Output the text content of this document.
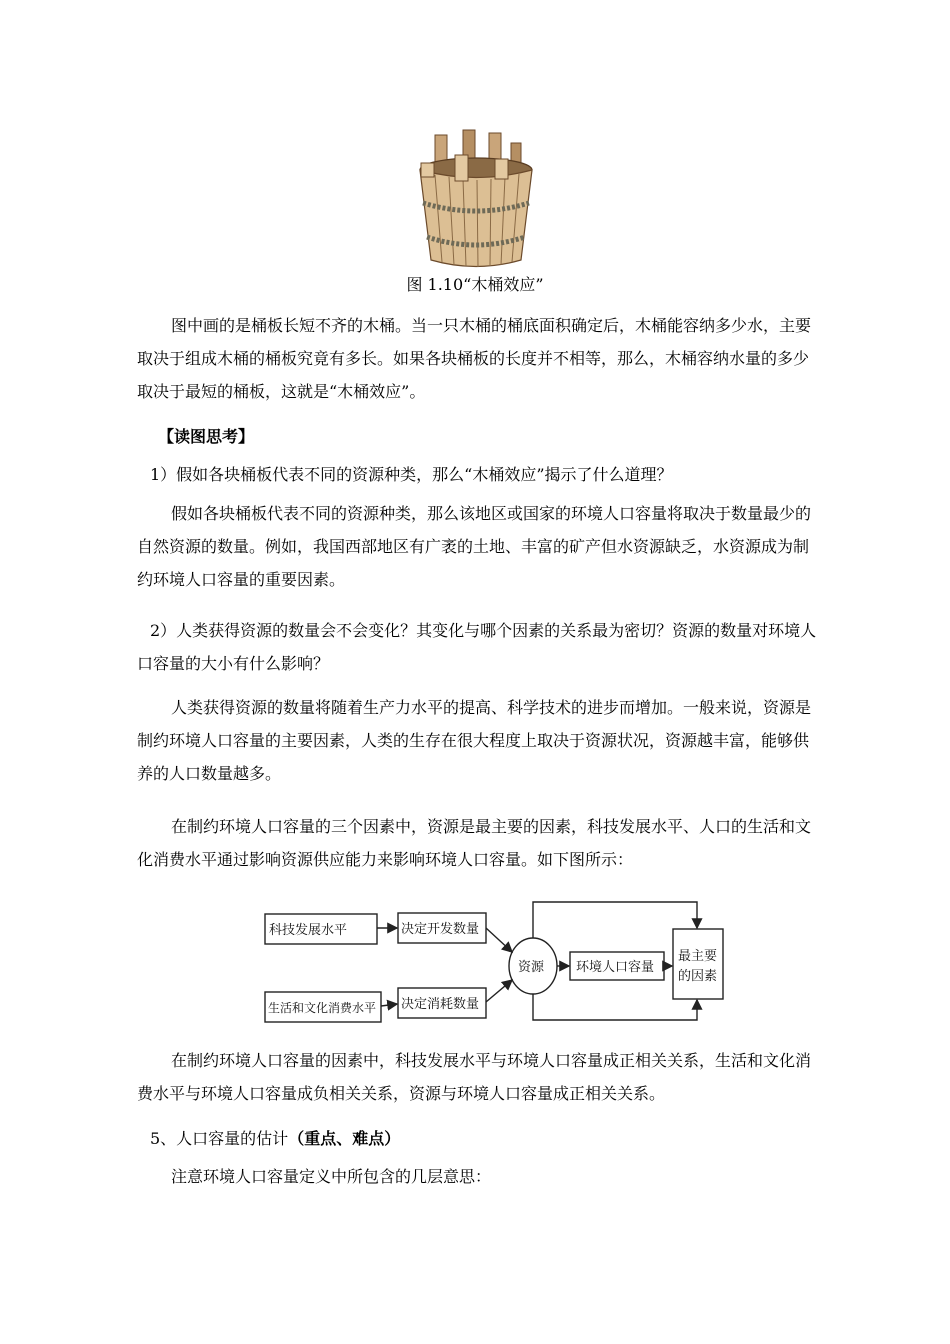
图 1.10“木桶效应”

图中画的是桶板长短不齐的木桶。当一只木桶的桶底面积确定后，木桶能容纳多少水，主要取决于组成木桶的桶板究竟有多长。如果各块桶板的长度并不相等，那么，木桶容纳水量的多少取决于最短的桶板，这就是“木桶效应”。

【读图思考】
1）假如各块桶板代表不同的资源种类，那么“木桶效应”揭示了什么道理？

假如各块桶板代表不同的资源种类，那么该地区或国家的环境人口容量将取决于数量最少的自然资源的数量。例如，我国西部地区有广袤的土地、丰富的矿产但水资源缺乏，水资源成为制约环境人口容量的重要因素。

2）人类获得资源的数量会不会变化？其变化与哪个因素的关系最为密切？资源的数量对环境人口容量的大小有什么影响？

人类获得资源的数量将随着生产力水平的提高、科学技术的进步而增加。一般来说，资源是制约环境人口容量的主要因素，人类的生存在很大程度上取决于资源状况，资源越丰富，能够供养的人口数量越多。

在制约环境人口容量的三个因素中，资源是最主要的因素，科技发展水平、人口的生活和文化消费水平通过影响资源供应能力来影响环境人口容量。如下图所示：

科技发展水平	决定开发数量
生活和文化消费水平 决定消耗数量
资源 环境人口容量
最主要
的因素

在制约环境人口容量的因素中，科技发展水平与环境人口容量成正相关关系，生活和文化消费水平与环境人口容量成负相关关系，资源与环境人口容量成正相关关系。

5、人口容量的估计（重点、难点）

注意环境人口容量定义中所包含的几层意思：
